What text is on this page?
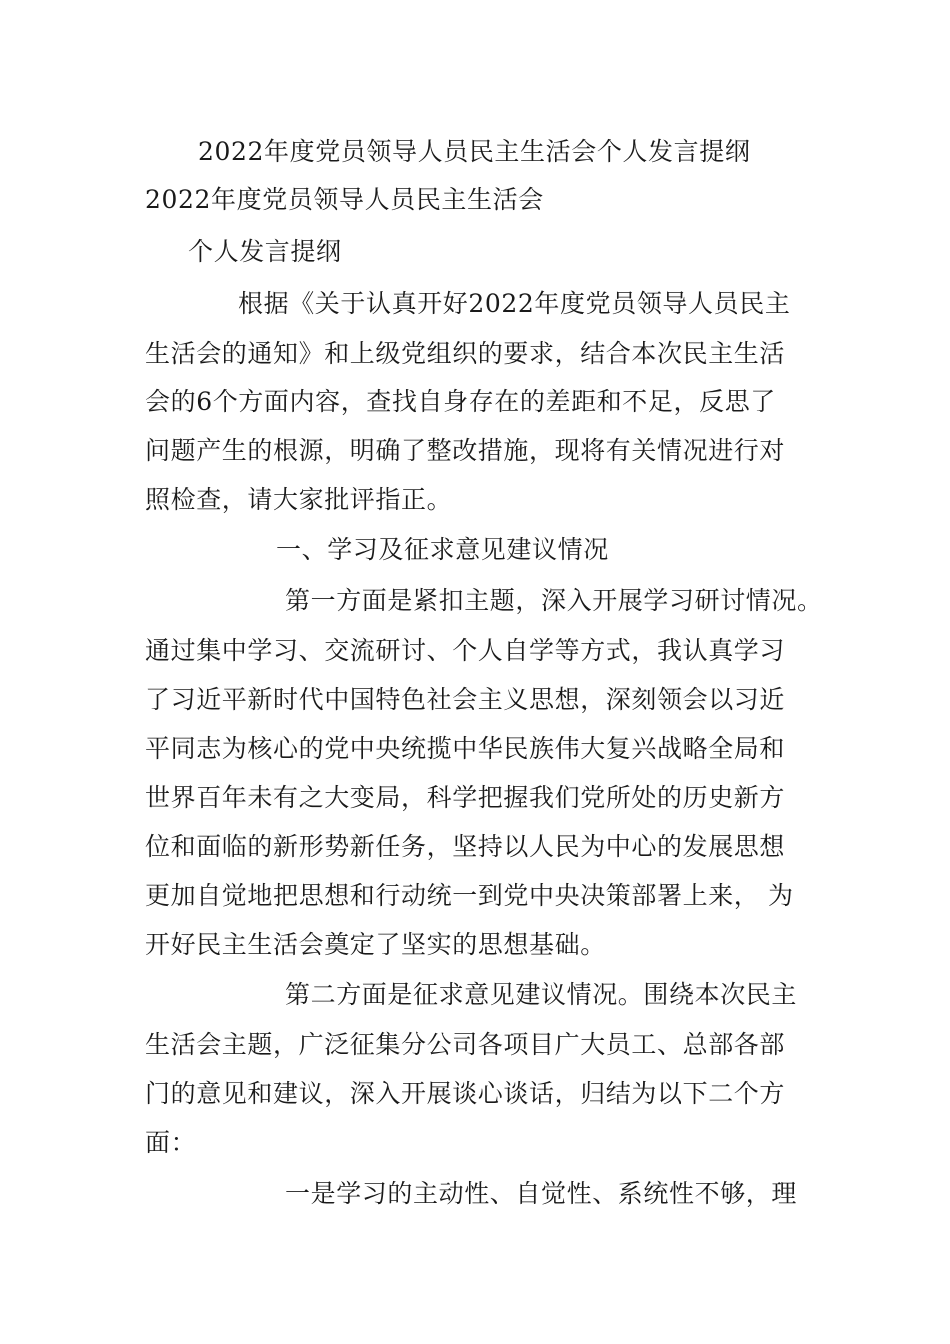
2022年度党员领导人员民主生活会个人发言提纲
2022年度党员领导人员民主生活会
个人发言提纲
根据《关于认真开好2022年度党员领导人员民主
生活会的通知》和上级党组织的要求，结合本次民主生活
会的6个方面内容，查找自身存在的差距和不足，反思了
问题产生的根源，明确了整改措施，现将有关情况进行对
照检查，请大家批评指正。
一、学习及征求意见建议情况
第一方面是紧扣主题，深入开展学习研讨情况。
通过集中学习、交流研讨、个人自学等方式，我认真学习
了习近平新时代中国特色社会主义思想，深刻领会以习近
平同志为核心的党中央统揽中华民族伟大复兴战略全局和
世界百年未有之大变局，科学把握我们党所处的历史新方
位和面临的新形势新任务，坚持以人民为中心的发展思想
更加自觉地把思想和行动统一到党中央决策部署上来， 为
开好民主生活会奠定了坚实的思想基础。
第二方面是征求意见建议情况。围绕本次民主
生活会主题，广泛征集分公司各项目广大员工、总部各部
门的意见和建议，深入开展谈心谈话，归结为以下二个方
面：
一是学习的主动性、自觉性、系统性不够，理
